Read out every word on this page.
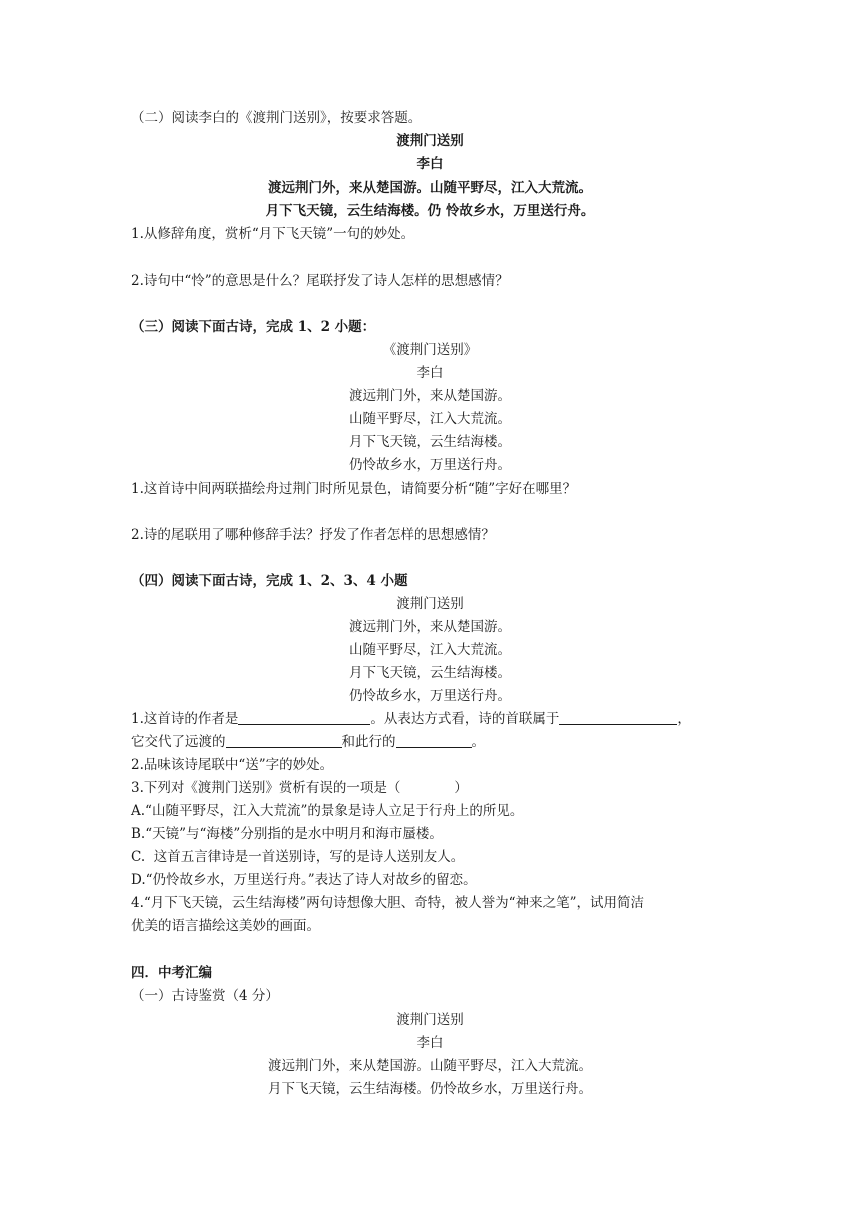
（二）阅读李白的《渡荆门送别》，按要求答题。
渡荆门送别
李白
渡远荆门外，来从楚国游。山随平野尽，江入大荒流。
月下飞天镜，云生结海楼。仍 怜故乡水，万里送行舟。
1.从修辞角度，赏析“月下飞天镜”一句的妙处。
2.诗句中“怜”的意思是什么？尾联抒发了诗人怎样的思想感情？
（三）阅读下面古诗，完成 1、2 小题：
《渡荆门送别》
李白
渡远荆门外，来从楚国游。
山随平野尽，江入大荒流。
月下飞天镜，云生结海楼。
仍怜故乡水，万里送行舟。
1.这首诗中间两联描绘舟过荆门时所见景色，请简要分析“随”字好在哪里？
2.诗的尾联用了哪种修辞手法？抒发了作者怎样的思想感情？
（四）阅读下面古诗，完成 1、2、3、4 小题
渡荆门送别
渡远荆门外，来从楚国游。
山随平野尽，江入大荒流。
月下飞天镜，云生结海楼。
仍怜故乡水，万里送行舟。
1.这首诗的作者是	。从表达方式看，诗的首联属于	，
它交代了远渡的	和此行的	。
2.品味该诗尾联中“送”字的妙处。
3.下列对《渡荆门送别》赏析有误的一项是（　　　　）
A.“山随平野尽，江入大荒流”的景象是诗人立足于行舟上的所见。
B.“天镜”与“海楼”分别指的是水中明月和海市蜃楼。
C.  这首五言律诗是一首送别诗，写的是诗人送别友人。
D.“仍怜故乡水，万里送行舟。”表达了诗人对故乡的留恋。
4.“月下飞天镜，云生结海楼”两句诗想像大胆、奇特，被人誉为“神来之笔”，试用简洁
优美的语言描绘这美妙的画面。
四．中考汇编
（一）古诗鉴赏（4 分）
渡荆门送别
李白
渡远荆门外，来从楚国游。山随平野尽，江入大荒流。
月下飞天镜，云生结海楼。仍怜故乡水，万里送行舟。
